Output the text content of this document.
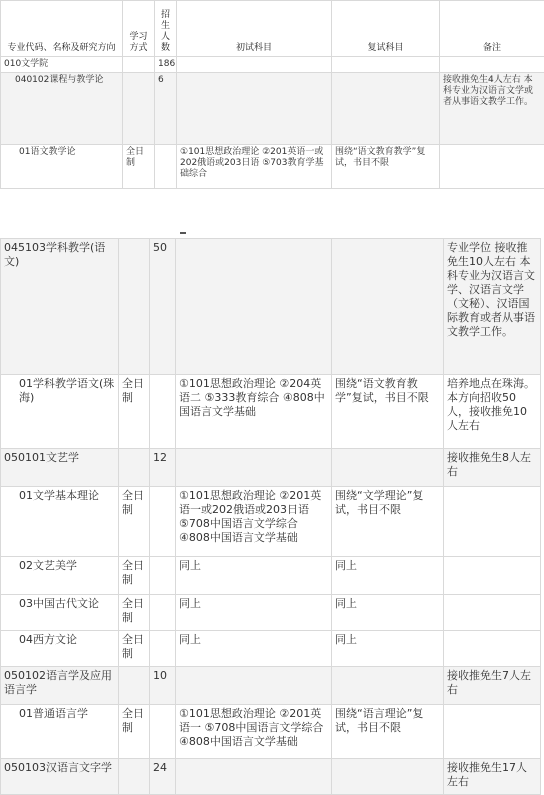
专业代码、名称及研究方向	学习方式	招生人数	初试科目	复试科目	备注
010文学院		186			
040102课程与教学论		6			接收推免生4人左右 本科专业为汉语言文学或者从事语文教学工作。
01语文教学论	全日制		①101思想政治理论 ②201英语一或202俄语或203日语 ⑤703教育学基础综合	围绕“语文教育教学”复试，书目不限	
045103学科教学(语文)		50			专业学位 接收推免生10人左右 本科专业为汉语言文学、汉语言文学（文秘）、汉语国际教育或者从事语文教学工作。
01学科教学语文(珠海)	全日制		①101思想政治理论 ②204英语二 ⑤333教育综合 ④808中国语言文学基础	围绕“语文教育教学”复试，书目不限	培养地点在珠海。本方向招收50人，接收推免10人左右
050101文艺学		12			接收推免生8人左右
01文学基本理论	全日制		①101思想政治理论 ②201英语一或202俄语或203日语 ⑤708中国语言文学综合 ④808中国语言文学基础	围绕“文学理论”复试，书目不限	
02文艺美学	全日制		同上	同上	
03中国古代文论	全日制		同上	同上	
04西方文论	全日制		同上	同上	
050102语言学及应用语言学		10			接收推免生7人左右
01普通语言学	全日制		①101思想政治理论 ②201英语一 ⑤708中国语言文学综合 ④808中国语言文学基础	围绕“语言理论”复试，书目不限	
050103汉语言文字学		24			接收推免生17人左右
